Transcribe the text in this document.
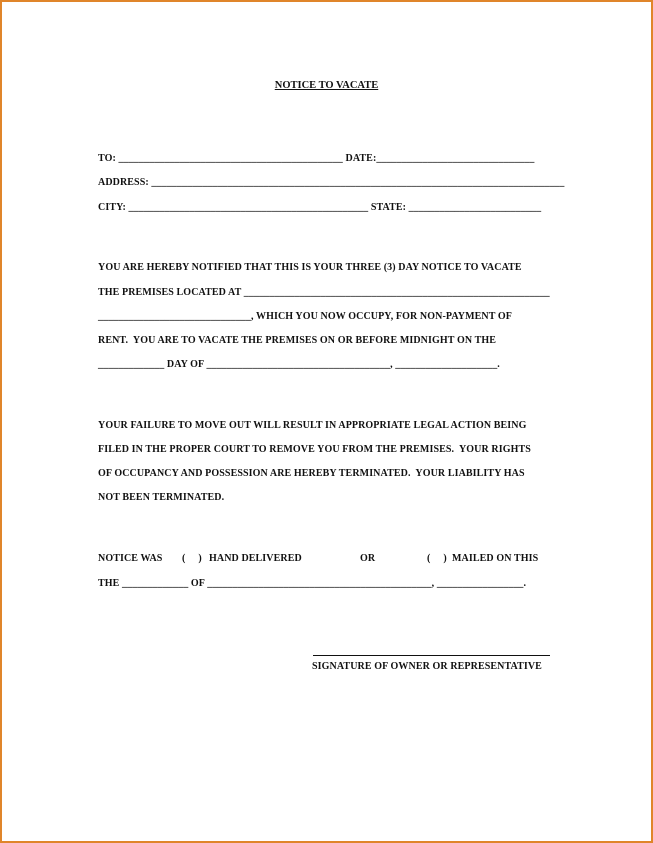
NOTICE TO VACATE
TO: ____________________________________________ DATE:_______________________________
ADDRESS: _________________________________________________________________________________
CITY: _______________________________________________ STATE: __________________________
YOU ARE HEREBY NOTIFIED THAT THIS IS YOUR THREE (3) DAY NOTICE TO VACATE
THE PREMISES LOCATED AT ____________________________________________________________
______________________________, WHICH YOU NOW OCCUPY, FOR NON-PAYMENT OF
RENT.  YOU ARE TO VACATE THE PREMISES ON OR BEFORE MIDNIGHT ON THE
_____________ DAY OF ____________________________________, ____________________.
YOUR FAILURE TO MOVE OUT WILL RESULT IN APPROPRIATE LEGAL ACTION BEING
FILED IN THE PROPER COURT TO REMOVE YOU FROM THE PREMISES.  YOUR RIGHTS
OF OCCUPANCY AND POSSESSION ARE HEREBY TERMINATED.  YOUR LIABILITY HAS
NOT BEEN TERMINATED.
NOTICE WAS (     ) HAND DELIVERED	OR	(     ) MAILED ON THIS
THE _____________ OF ____________________________________________, _________________.
SIGNATURE OF OWNER OR REPRESENTATIVE
